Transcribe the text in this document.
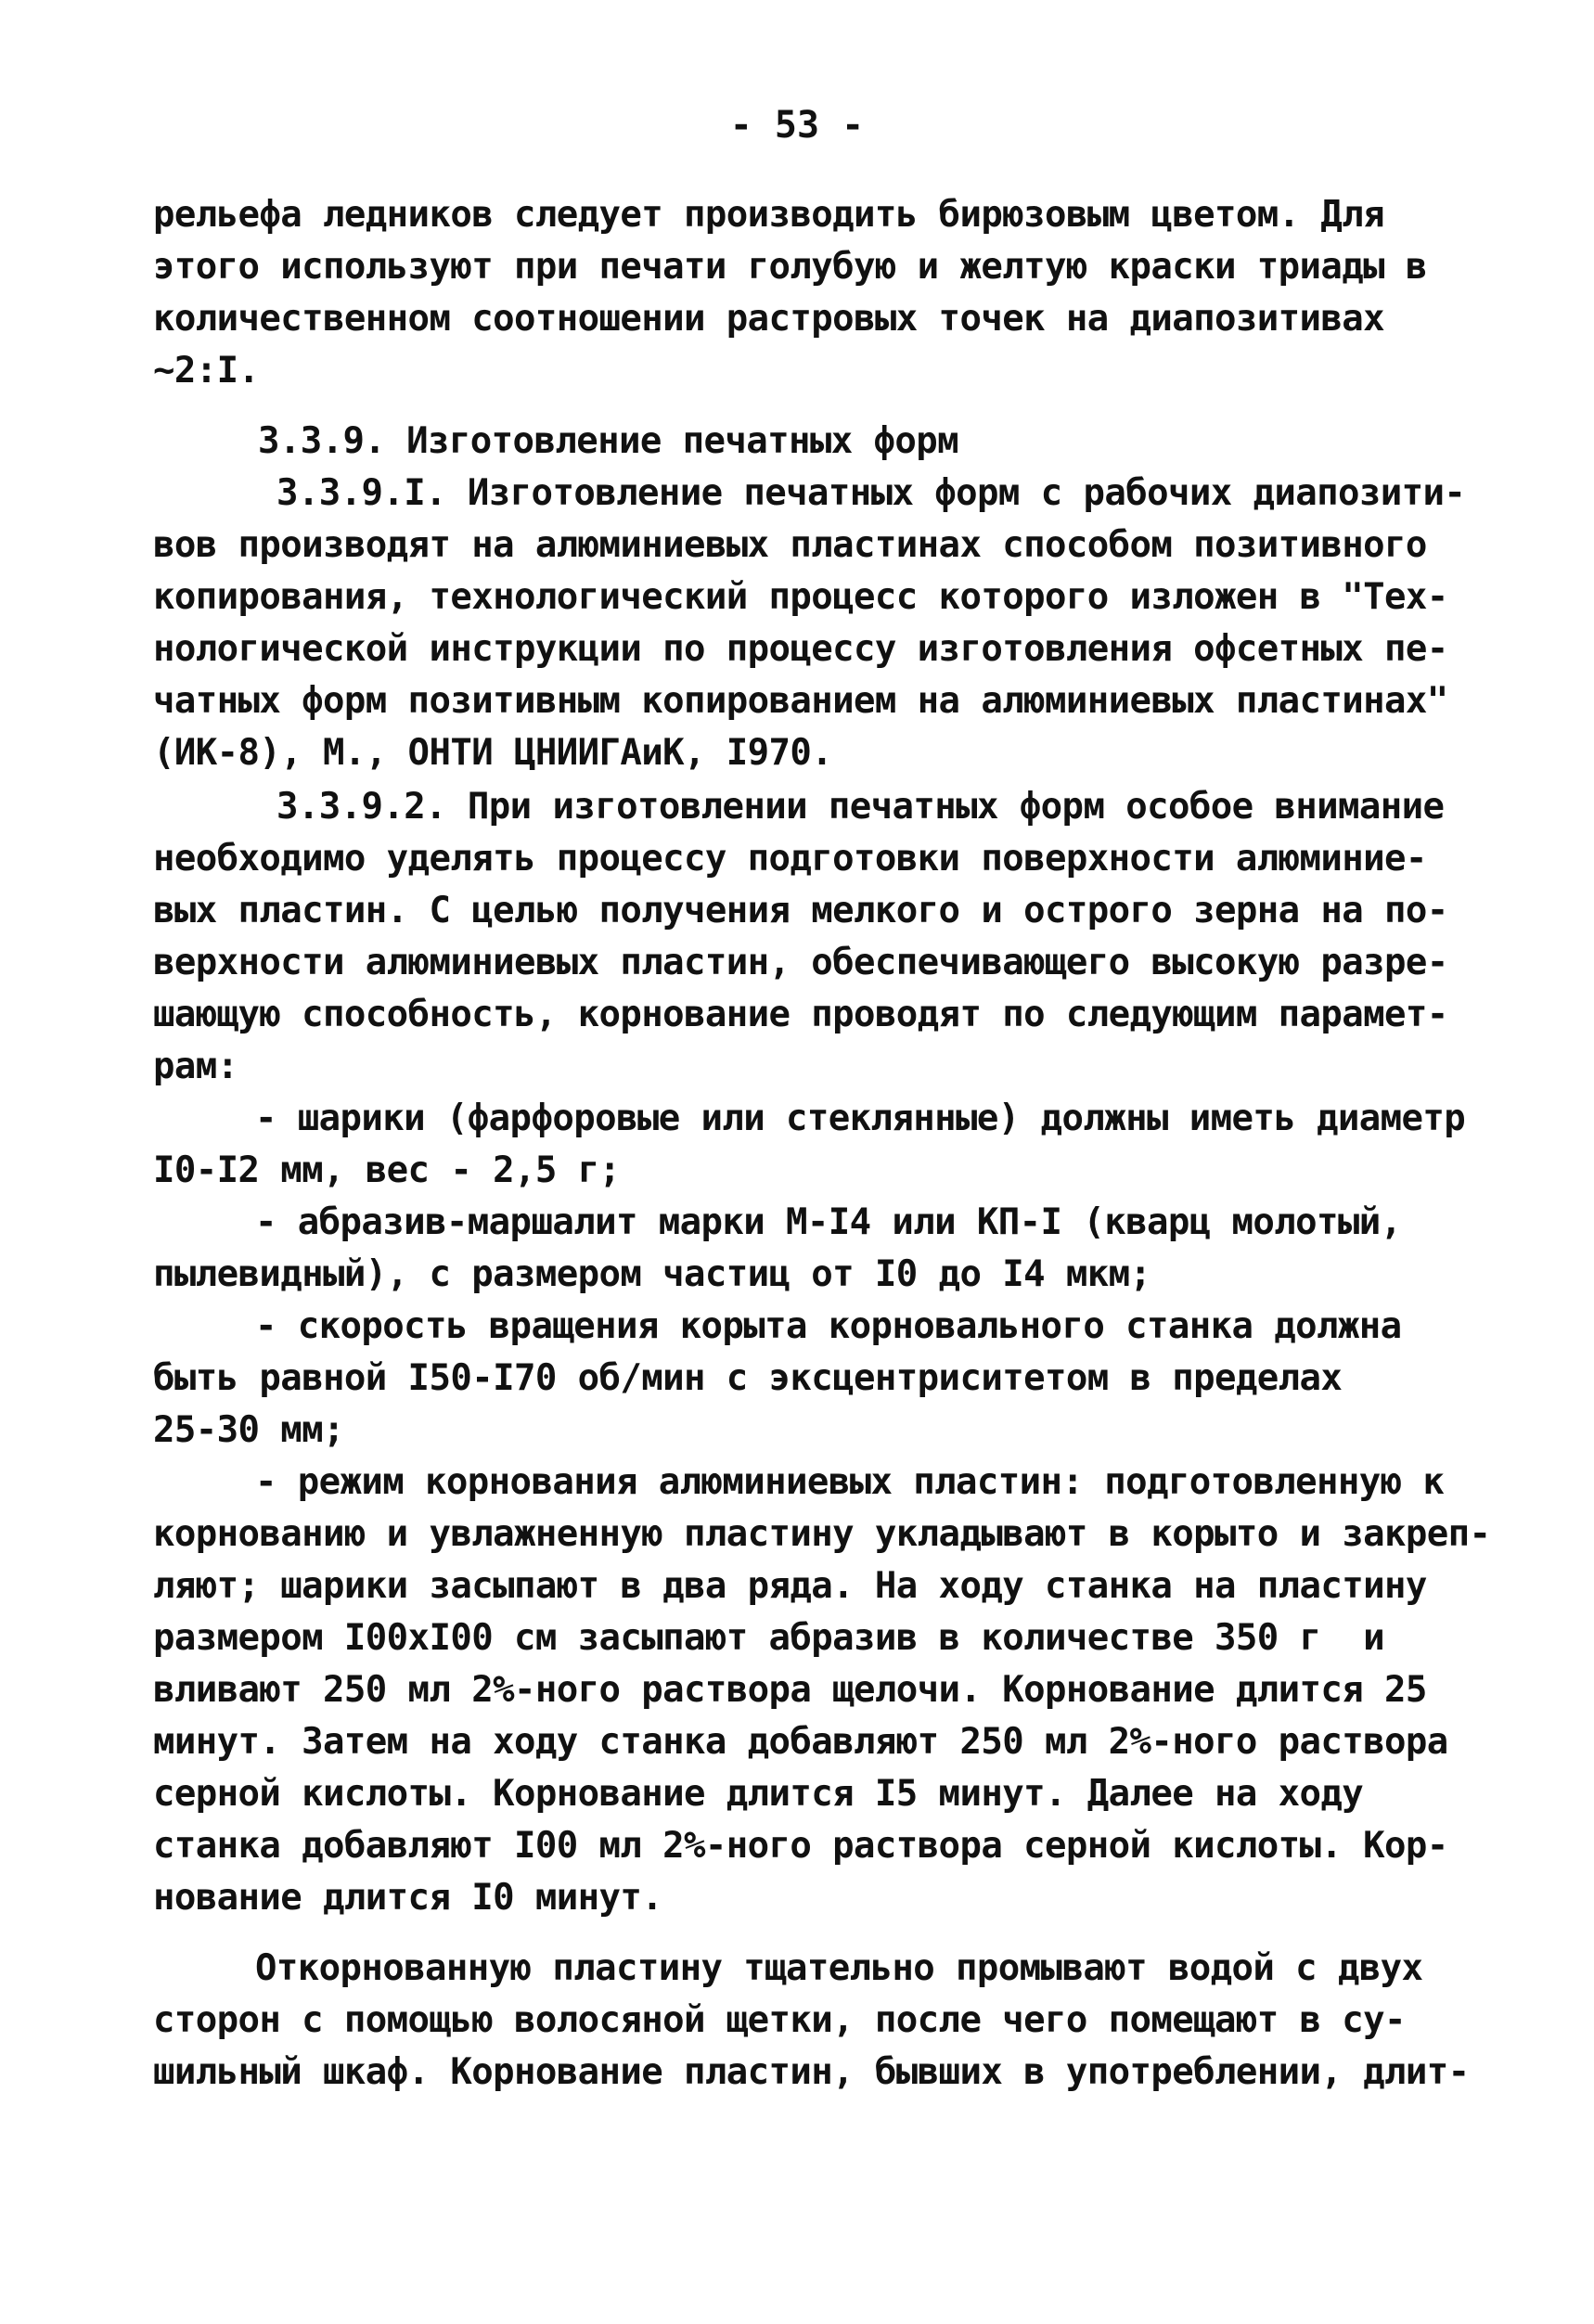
- 53 -
рельефа ледников следует производить бирюзовым цветом. Для
этого используют при печати голубую и желтую краски триады в
количественном соотношении растровых точек на диапозитивах
~2:I.
3.3.9. Изготовление печатных форм
3.3.9.I. Изготовление печатных форм с рабочих диапозити-
вов производят на алюминиевых пластинах способом позитивного
копирования, технологический процесс которого изложен в "Тех-
нологической инструкции по процессу изготовления офсетных пе-
чатных форм позитивным копированием на алюминиевых пластинах"
(ИК-8), М., ОНТИ ЦНИИГАиК, I970.
3.3.9.2. При изготовлении печатных форм особое внимание
необходимо уделять процессу подготовки поверхности алюминие-
вых пластин. С целью получения мелкого и острого зерна на по-
верхности алюминиевых пластин, обеспечивающего высокую разре-
шающую способность, корнование проводят по следующим парамет-
рам:
- шарики (фарфоровые или стеклянные) должны иметь диаметр
I0-I2 мм, вес - 2,5 г;
- абразив-маршалит марки М-I4 или КП-I (кварц молотый,
пылевидный), с размером частиц от I0 до I4 мкм;
- скорость вращения корыта корновального станка должна
быть равной I50-I70 об/мин с эксцентриситетом в пределах
25-30 мм;
- режим корнования алюминиевых пластин: подготовленную к
корнованию и увлажненную пластину укладывают в корыто и закреп-
ляют; шарики засыпают в два ряда. На ходу станка на пластину
размером I00xI00 см засыпают абразив в количестве 350 г  и
вливают 250 мл 2%-ного раствора щелочи. Корнование длится 25
минут. Затем на ходу станка добавляют 250 мл 2%-ного раствора
серной кислоты. Корнование длится I5 минут. Далее на ходу
станка добавляют I00 мл 2%-ного раствора серной кислоты. Кор-
нование длится I0 минут.
Откорнованную пластину тщательно промывают водой с двух
сторон с помощью волосяной щетки, после чего помещают в су-
шильный шкаф. Корнование пластин, бывших в употреблении, длит-
